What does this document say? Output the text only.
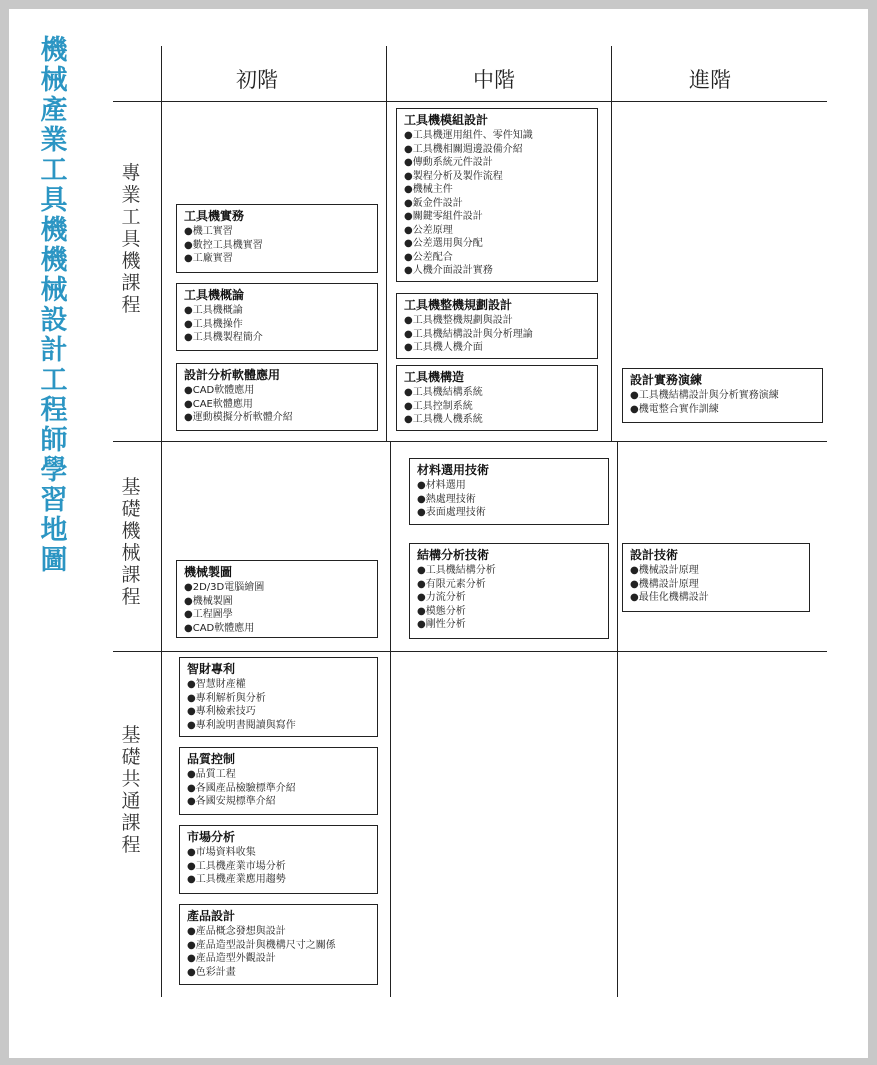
機械產業工具機機械設計工程師學習地圖
初階	中階	進階
專業工具機課程
基礎機械課程
基礎共通課程
工具機實務
● 機工實習
● 數控工具機實習
● 工廠實習
工具機概論
● 工具機概論
● 工具機操作
● 工具機製程簡介
設計分析軟體應用
● CAD軟體應用
● CAE軟體應用
● 運動模擬分析軟體介紹
工具機模組設計
● 工具機運用組件、零件知識
● 工具機相關週邊設備介紹
● 傳動系統元件設計
● 製程分析及製作流程
● 機械主件
● 鈑金件設計
● 關鍵零組件設計
● 公差原理
● 公差選用與分配
● 公差配合
● 人機介面設計實務
工具機整機規劃設計
● 工具機整機規劃與設計
● 工具機結構設計與分析理論
● 工具機人機介面
工具機構造
● 工具機結構系統
● 工具控制系統
● 工具機人機系統
設計實務演練
● 工具機結構設計與分析實務演練
● 機電整合實作訓練
材料選用技術
● 材料選用
● 熱處理技術
● 表面處理技術
機械製圖
● 2D/3D電腦繪圖
● 機械製圖
● 工程圖學
● CAD軟體應用
結構分析技術
● 工具機結構分析
● 有限元素分析
● 力流分析
● 模態分析
● 剛性分析
設計技術
● 機械設計原理
● 機構設計原理
● 最佳化機構設計
智財專利
● 智慧財產權
● 專利解析與分析
● 專利檢索技巧
● 專利說明書閱讀與寫作
品質控制
● 品質工程
● 各國產品檢驗標準介紹
● 各國安規標準介紹
市場分析
● 市場資料收集
● 工具機產業市場分析
● 工具機產業應用趨勢
產品設計
● 產品概念發想與設計
● 產品造型設計與機構尺寸之關係
● 產品造型外觀設計
● 色彩計畫
